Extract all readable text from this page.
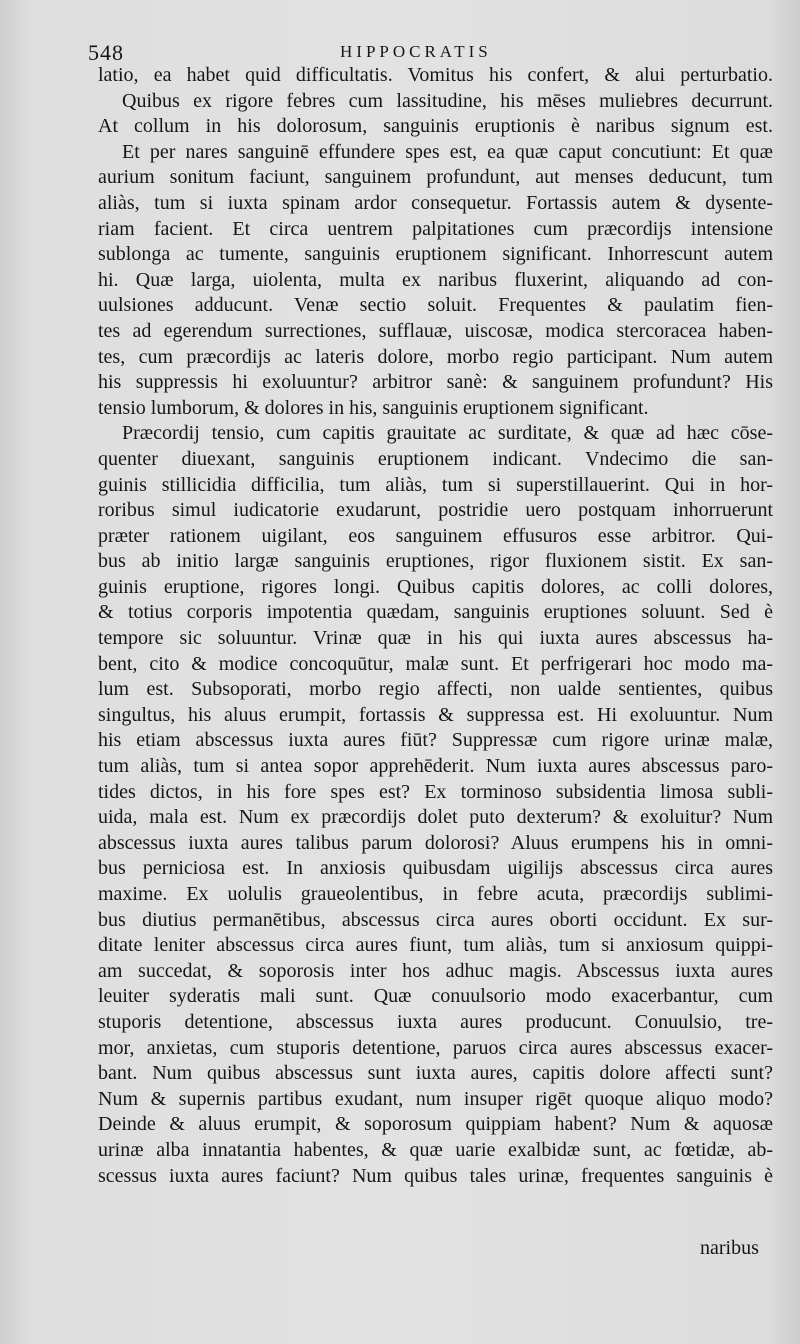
548	HIPPOCRATIS
latio, ea habet quid difficultatis. Vomitus his confert, & alui perturbatio.
Quibus ex rigore febres cum lassitudine, his mēses muliebres decurrunt.
At collum in his dolorosum, sanguinis eruptionis è naribus signum est.
Et per nares sanguinē effundere spes est, ea quæ caput concutiunt: Et quæ
aurium sonitum faciunt, sanguinem profundunt, aut menses deducunt, tum
aliàs, tum si iuxta spinam ardor consequetur. Fortassis autem & dysente-
riam facient. Et circa uentrem palpitationes cum præcordijs intensione
sublonga ac tumente, sanguinis eruptionem significant. Inhorrescunt autem
hi. Quæ larga, uiolenta, multa ex naribus fluxerint, aliquando ad con-
uulsiones adducunt. Venæ sectio soluit. Frequentes & paulatim fien-
tes ad egerendum surrectiones, sufflauæ, uiscosæ, modica stercoracea haben-
tes, cum præcordijs ac lateris dolore, morbo regio participant. Num autem
his suppressis hi exoluuntur? arbitror sanè: & sanguinem profundunt? His
tensio lumborum, & dolores in his, sanguinis eruptionem significant.
Præcordij tensio, cum capitis grauitate ac surditate, & quæ ad hæc cōse-
quenter diuexant, sanguinis eruptionem indicant. Vndecimo die san-
guinis stillicidia difficilia, tum aliàs, tum si superstillauerint. Qui in hor-
roribus simul iudicatorie exudarunt, postridie uero postquam inhorruerunt
præter rationem uigilant, eos sanguinem effusuros esse arbitror. Qui-
bus ab initio largæ sanguinis eruptiones, rigor fluxionem sistit. Ex san-
guinis eruptione, rigores longi. Quibus capitis dolores, ac colli dolores,
& totius corporis impotentia quædam, sanguinis eruptiones soluunt. Sed è
tempore sic soluuntur. Vrinæ quæ in his qui iuxta aures abscessus ha-
bent, cito & modice concoquūtur, malæ sunt. Et perfrigerari hoc modo ma-
lum est. Subsoporati, morbo regio affecti, non ualde sentientes, quibus
singultus, his aluus erumpit, fortassis & suppressa est. Hi exoluuntur. Num
his etiam abscessus iuxta aures fiūt? Suppressæ cum rigore urinæ malæ,
tum aliàs, tum si antea sopor apprehēderit. Num iuxta aures abscessus paro-
tides dictos, in his fore spes est? Ex torminoso subsidentia limosa subli-
uida, mala est. Num ex præcordijs dolet puto dexterum? & exoluitur? Num
abscessus iuxta aures talibus parum dolorosi? Aluus erumpens his in omni-
bus perniciosa est. In anxiosis quibusdam uigilijs abscessus circa aures
maxime. Ex uolulis graueolentibus, in febre acuta, præcordijs sublimi-
bus diutius permanētibus, abscessus circa aures oborti occidunt. Ex sur-
ditate leniter abscessus circa aures fiunt, tum aliàs, tum si anxiosum quippi-
am succedat, & soporosis inter hos adhuc magis. Abscessus iuxta aures
leuiter syderatis mali sunt. Quæ conuulsorio modo exacerbantur, cum
stuporis detentione, abscessus iuxta aures producunt. Conuulsio, tre-
mor, anxietas, cum stuporis detentione, paruos circa aures abscessus exacer-
bant. Num quibus abscessus sunt iuxta aures, capitis dolore affecti sunt?
Num & supernis partibus exudant, num insuper rigēt quoque aliquo modo?
Deinde & aluus erumpit, & soporosum quippiam habent? Num & aquosæ
urinæ alba innatantia habentes, & quæ uarie exalbidæ sunt, ac fœtidæ, ab-
scessus iuxta aures faciunt? Num quibus tales urinæ, frequentes sanguinis è
naribus
